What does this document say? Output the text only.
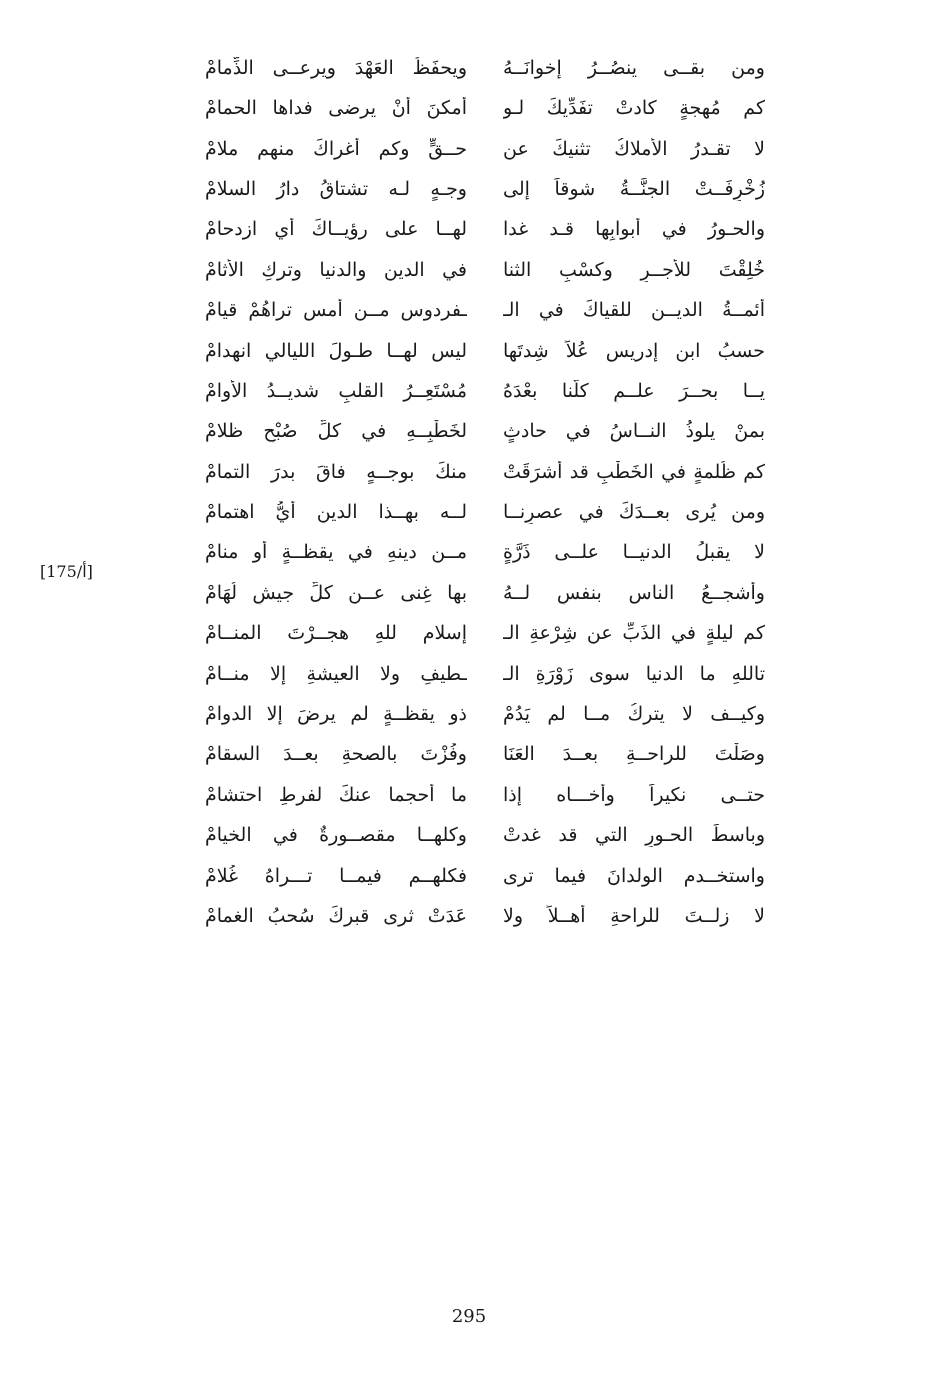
ومن بقــى ينصُــرُ إخوانَــهُ
ويحفَظُ العَهْدَ ويرعــى الذِّمامْ
كم مُهجةٍ كادتْ تفَدِّيكَ لـو
أمكنَ أنْ يرضى فداها الحمامْ
لا تقـدرُ الأملاكُ تثنيكَ عن
حــقٍّ وكم أغراكَ منهم ملامْ
زُخْرِفَــتْ الجنَّــةُ شوقاً إلى
وجـهٍ لـه تشتاقُ دارُ السلامْ
والحـورُ في أبوابِها قـد غدا
لهــا على رؤيــاكَ أي ازدحامْ
خُلِقْتَ للأجــرِ وكسْبِ الثنا
في الدينِ والدنيا وتركِ الأثامْ
أئمــةُ الديــنِ للقياكَ في الـ
ـفردوسِ مــن أمسِ تراهُمْ قيامْ
حسبُ ابن إدريس عُلاً شِدتَها
ليس لهــا طـولَ الليالي انهدامْ
يــا بحــرَ علــمٍ كلُّنا بعْدَهُ
مُسْتَعِــرُ القلبِ شديــدُ الأُوامْ
بمنْ يلوذُ النــاسُ في حادثٍ
لخَطْبِــهِ في كلِّ صُبْحٍ ظلامْ
كم ظُلمةٍ في الخَطْبِ قد أشرَقَتْ
منكَ بوجــهٍ فاقَ بدرَ التمامْ
ومن يُرى بعــدَكَ في عصرِنــا
لــه بهــذا الدين أيُّ اهتمامْ
لا يقبلُ الدنيــا علــى ذَرَّةٍ
مــن دينهِ في يقظــةٍ أو منامْ
وأشجــعُ الناسِ بنفسٍ لــهُ
بها غِنى عــن كلِّ جيشٍ لُهَامْ
كم ليلةٍ في الذَبِّ عن شِرْعةِ الـ
إسلامِ للهِ هجــرْتَ المنــامْ
تاللهِ ما الدنيا سوى زَوْرَةِ الـ
ـطيفِ ولا العيشةِ إلا منــامْ
وكيــف لا يتركُ مــا لم يَدُمْ
ذو يقظــةٍ لم يرضَ إلا الدوامْ
وصَلْتَ للراحــةِ بعــدَ العَنَا
وفُزْتَ بالصحةِ بعــدَ السقامْ
حتــى نكيراً وأخـــاه إذا
ما أحجما عنكَ لفرطِ احتشامْ
وباسطَ الحـورِ التي قد غدتْ
وكلهــا مقصــورةٌ في الخيامْ
واستخــدم الولدانَ فيما ترى
فكلهــم فيمــا تـــراهُ غُلامْ
لا زلــتَ للراحةِ أهــلاً ولا
عَدَتْ ثرى قبركَ سُحبُ الغمامْ
[أ/175]
295
